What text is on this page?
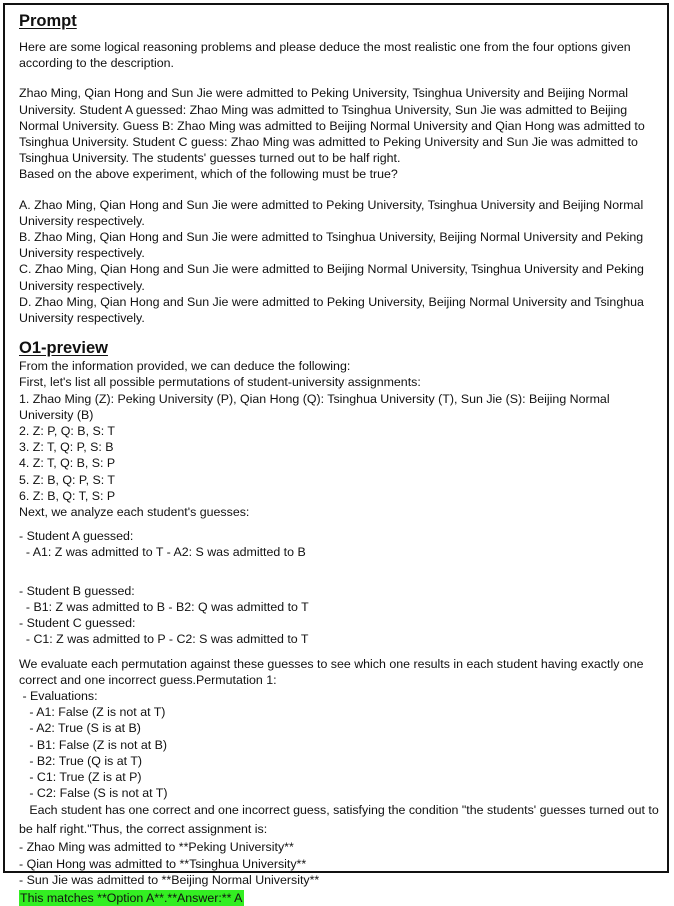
Prompt

Here are some logical reasoning problems and please deduce the most realistic one from the four options given according to the description.

Zhao Ming, Qian Hong and Sun Jie were admitted to Peking University, Tsinghua University and Beijing Normal University. Student A guessed: Zhao Ming was admitted to Tsinghua University, Sun Jie was admitted to Beijing Normal University. Guess B: Zhao Ming was admitted to Beijing Normal University and Qian Hong was admitted to Tsinghua University. Student C guess: Zhao Ming was admitted to Peking University and Sun Jie was admitted to Tsinghua University. The students' guesses turned out to be half right.

Based on the above experiment, which of the following must be true?

A. Zhao Ming, Qian Hong and Sun Jie were admitted to Peking University, Tsinghua University and Beijing Normal University respectively.

B. Zhao Ming, Qian Hong and Sun Jie were admitted to Tsinghua University, Beijing Normal University and Peking University respectively.

C. Zhao Ming, Qian Hong and Sun Jie were admitted to Beijing Normal University, Tsinghua University and Peking University respectively.

D. Zhao Ming, Qian Hong and Sun Jie were admitted to Peking University, Beijing Normal University and Tsinghua University respectively.

O1-preview

From the information provided, we can deduce the following:

First, let's list all possible permutations of student-university assignments:

1. Zhao Ming (Z): Peking University (P), Qian Hong (Q): Tsinghua University (T), Sun Jie (S): Beijing Normal University (B)

2. Z: P, Q: B, S: T

3. Z: T, Q: P, S: B

4. Z: T, Q: B, S: P

5. Z: B, Q: P, S: T

6. Z: B, Q: T, S: P

Next, we analyze each student's guesses:

- Student A guessed:

- A1: Z was admitted to T - A2: S was admitted to B

- Student B guessed:

- B1: Z was admitted to B - B2: Q was admitted to T

- Student C guessed:

- C1: Z was admitted to P - C2: S was admitted to T

We evaluate each permutation against these guesses to see which one results in each student having exactly one correct and one incorrect guess.Permutation 1:

- Evaluations:

- A1: False (Z is not at T)

- A2: True (S is at B)

- B1: False (Z is not at B)

- B2: True (Q is at T)

- C1: True (Z is at P)

- C2: False (S is not at T)

Each student has one correct and one incorrect guess, satisfying the condition "the students' guesses turned out to be half right."Thus, the correct assignment is:

- Zhao Ming was admitted to **Peking University**

- Qian Hong was admitted to **Tsinghua University**

- Sun Jie was admitted to **Beijing Normal University**

This matches **Option A**.**Answer:** A
